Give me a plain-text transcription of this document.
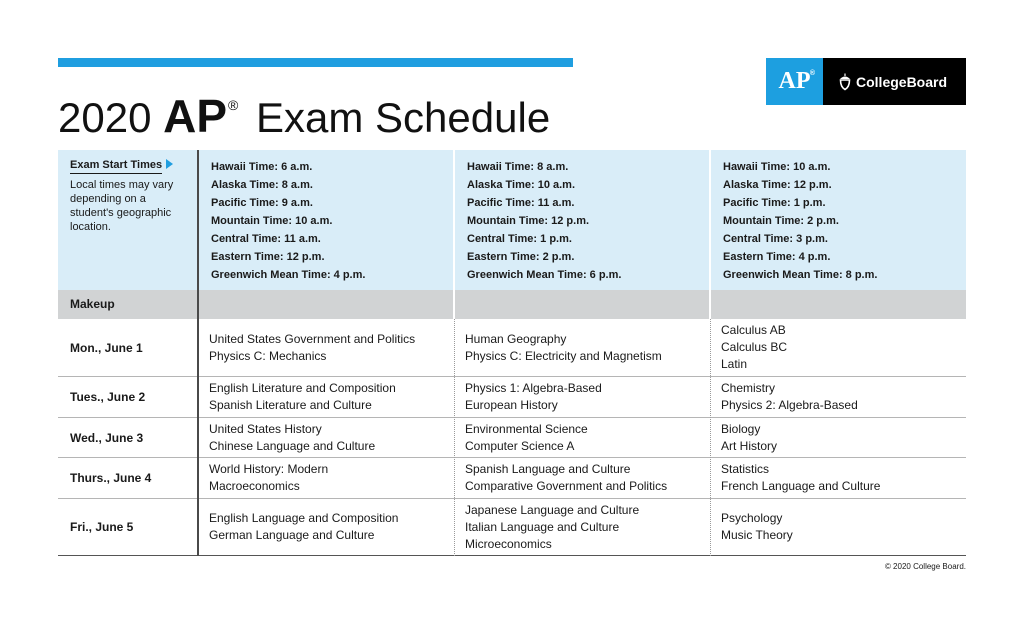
2020 AP® Exam Schedule
AP ®	CollegeBoard
Exam Start Times
Local times may vary depending on a student's geographic location.
Hawaii Time: 6 a.m.
Alaska Time: 8 a.m.
Pacific Time: 9 a.m.
Mountain Time: 10 a.m.
Central Time: 11 a.m.
Eastern Time: 12 p.m.
Greenwich Mean Time: 4 p.m.
Hawaii Time: 8 a.m.
Alaska Time: 10 a.m.
Pacific Time: 11 a.m.
Mountain Time: 12 p.m.
Central Time: 1 p.m.
Eastern Time: 2 p.m.
Greenwich Mean Time: 6 p.m.
Hawaii Time: 10 a.m.
Alaska Time: 12 p.m.
Pacific Time: 1 p.m.
Mountain Time: 2 p.m.
Central Time: 3 p.m.
Eastern Time: 4 p.m.
Greenwich Mean Time: 8 p.m.
Makeup
Mon., June 1
United States Government and Politics
Physics C: Mechanics
Human Geography
Physics C: Electricity and Magnetism
Calculus AB
Calculus BC
Latin
Tues., June 2
English Literature and Composition
Spanish Literature and Culture
Physics 1: Algebra-Based
European History
Chemistry
Physics 2: Algebra-Based
Wed., June 3
United States History
Chinese Language and Culture
Environmental Science
Computer Science A
Biology
Art History
Thurs., June 4
World History: Modern
Macroeconomics
Spanish Language and Culture
Comparative Government and Politics
Statistics
French Language and Culture
Fri., June 5
English Language and Composition
German Language and Culture
Japanese Language and Culture
Italian Language and Culture
Microeconomics
Psychology
Music Theory
© 2020 College Board.
